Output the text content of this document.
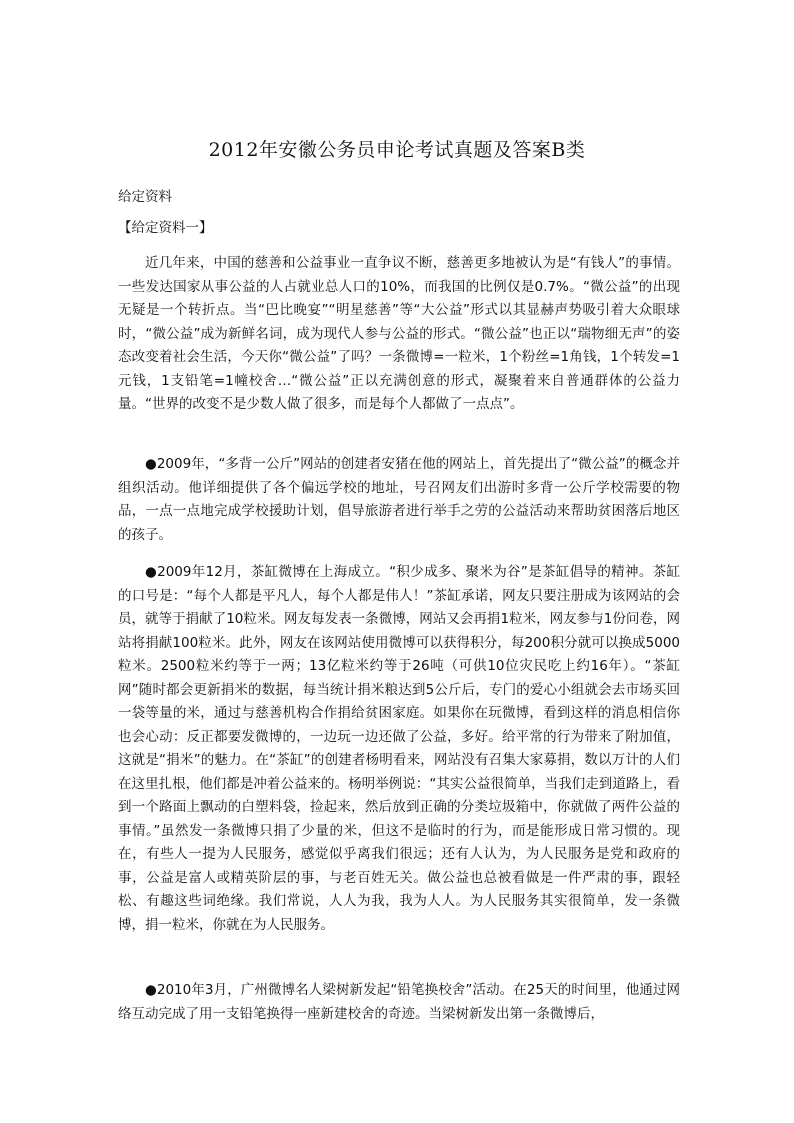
2012年安徽公务员申论考试真题及答案B类
给定资料
【给定资料一】
近几年来，中国的慈善和公益事业一直争议不断，慈善更多地被认为是“有钱人”的事情。一些发达国家从事公益的人占就业总人口的10%，而我国的比例仅是0.7%。“微公益”的出现无疑是一个转折点。当“巴比晚宴”“明星慈善”等“大公益”形式以其显赫声势吸引着大众眼球时，“微公益”成为新鲜名词，成为现代人参与公益的形式。“微公益”也正以“瑞物细无声”的姿态改变着社会生活，今天你“微公益”了吗？一条微博=一粒米，1个粉丝=1角钱，1个转发=1元钱，1支铅笔=1幢校舍…“微公益”正以充满创意的形式，凝聚着来自普通群体的公益力量。“世界的改变不是少数人做了很多，而是每个人都做了一点点”。
●2009年，“多背一公斤”网站的创建者安猪在他的网站上，首先提出了“微公益”的概念并组织活动。他详细提供了各个偏远学校的地址，号召网友们出游时多背一公斤学校需要的物品，一点一点地完成学校援助计划，倡导旅游者进行举手之劳的公益活动来帮助贫困落后地区的孩子。
●2009年12月，茶缸微博在上海成立。“积少成多、聚米为谷”是茶缸倡导的精神。茶缸的口号是：“每个人都是平凡人，每个人都是伟人！”茶缸承诺，网友只要注册成为该网站的会员，就等于捐献了10粒米。网友每发表一条微博，网站又会再捐1粒米，网友参与1份问卷，网站将捐献100粒米。此外，网友在该网站使用微博可以获得积分，每200积分就可以换成5000粒米。2500粒米约等于一两；13亿粒米约等于26吨（可供10位灾民吃上约16年）。“茶缸网”随时都会更新捐米的数据，每当统计捐米粮达到5公斤后，专门的爱心小组就会去市场买回一袋等量的米，通过与慈善机构合作捐给贫困家庭。如果你在玩微博，看到这样的消息相信你也会心动：反正都要发微博的，一边玩一边还做了公益，多好。给平常的行为带来了附加值，这就是“捐米”的魅力。在“茶缸”的创建者杨明看来，网站没有召集大家募捐，数以万计的人们在这里扎根，他们都是冲着公益来的。杨明举例说：“其实公益很简单，当我们走到道路上，看到一个路面上飘动的白塑料袋，捡起来，然后放到正确的分类垃圾箱中，你就做了两件公益的事情。”虽然发一条微博只捐了少量的米，但这不是临时的行为，而是能形成日常习惯的。现在，有些人一提为人民服务，感觉似乎离我们很远；还有人认为，为人民服务是党和政府的事，公益是富人或精英阶层的事，与老百姓无关。做公益也总被看做是一件严肃的事，跟轻松、有趣这些词绝缘。我们常说，人人为我，我为人人。为人民服务其实很简单，发一条微博，捐一粒米，你就在为人民服务。
●2010年3月，广州微博名人梁树新发起“铅笔换校舍”活动。在25天的时间里，他通过网络互动完成了用一支铅笔换得一座新建校舍的奇迹。当梁树新发出第一条微博后，
